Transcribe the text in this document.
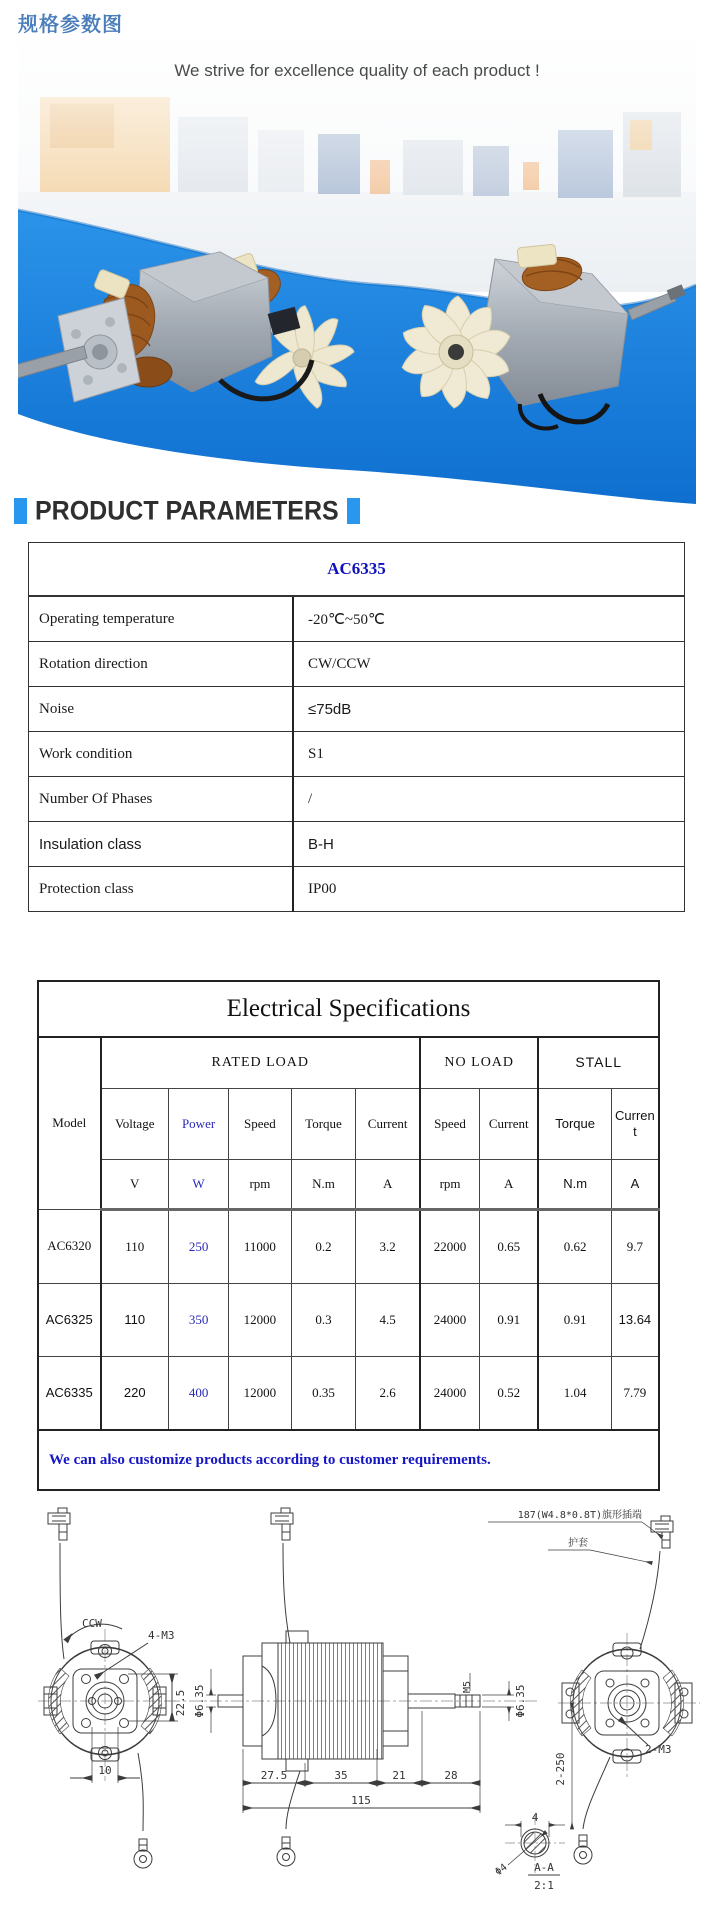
规格参数图
We strive for excellence quality of each product !
PRODUCT PARAMETERS
AC6335	
Operating temperature	-20℃~50℃
Rotation direction	CW/CCW
Noise	≤75dB
Work condition	S1
Number Of Phases	/
Insulation class	B-H
Protection class	IP00
Electrical Specifications									
Model	RATED LOAD					NO LOAD		STALL	
	Voltage	Power	Speed	Torque	Current	Speed	Current	Torque	Current
	V	W	rpm	N.m	A	rpm	A	N.m	A
AC6320	110	250	11000	0.2	3.2	22000	0.65	0.62	9.7
AC6325	110	350	12000	0.3	4.5	24000	0.91	0.91	13.64
AC6335	220	400	12000	0.35	2.6	24000	0.52	1.04	7.79
We can also customize products according to customer requirements.									
CCW
4-M3
22.5
10
Φ6.35
27.5	35	21	28
115
M5	Φ6.35
2-M3
2-250
187(W4.8*0.8T)旗形插端
护套
4
Φ4 A-A
2:1
